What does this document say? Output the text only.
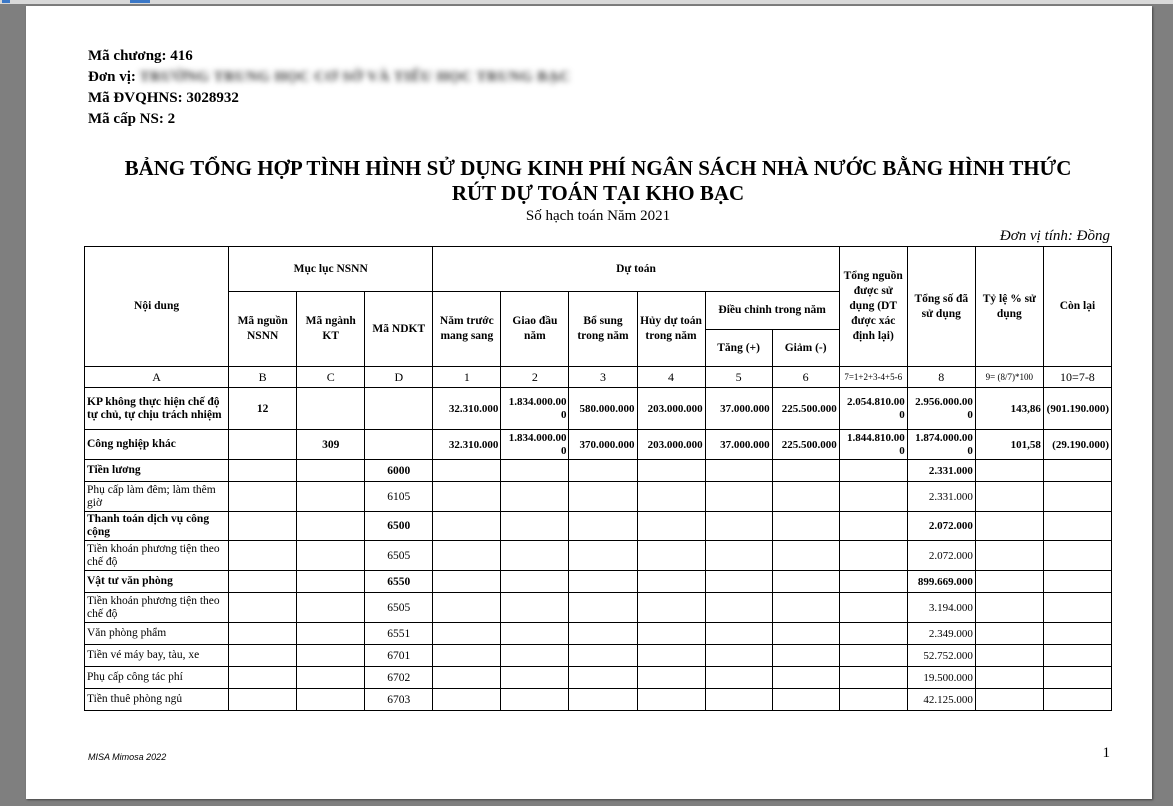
Mã chương: 416
Đơn vị: TRƯỜNG TRUNG HỌC CƠ SỞ VÀ TIỂU HỌC TRUNG BẠC
Mã ĐVQHNS: 3028932
Mã cấp NS: 2
BẢNG TỔNG HỢP TÌNH HÌNH SỬ DỤNG KINH PHÍ NGÂN SÁCH NHÀ NƯỚC BẰNG HÌNH THỨC
RÚT DỰ TOÁN TẠI KHO BẠC
Số hạch toán Năm 2021
Đơn vị tính: Đồng
Nội dung	Mục lục NSNN			Dự toán						Tổng nguồn được sử dụng (DT được xác định lại)	Tổng số đã sử dụng	Tỷ lệ % sử dụng	Còn lại
	Mã nguồn NSNN	Mã ngành KT	Mã NDKT	Năm trước mang sang	Giao đầu năm	Bổ sung trong năm	Hủy dự toán trong năm	Điều chỉnh trong năm					
								Tăng (+)	Giảm (-)				
A	B	C	D	1	2	3	4	5	6	7=1+2+3-4+5-6	8	9= (8/7)*100	10=7-8
KP không thực hiện chế độ tự chủ, tự chịu trách nhiệm	12			32.310.000	1.834.000.000	580.000.000	203.000.000	37.000.000	225.500.000	2.054.810.000	2.956.000.000	143,86	(901.190.000)
Công nghiệp khác		309		32.310.000	1.834.000.000	370.000.000	203.000.000	37.000.000	225.500.000	1.844.810.000	1.874.000.000	101,58	(29.190.000)
Tiền lương			6000								2.331.000		
Phụ cấp làm đêm; làm thêm giờ			6105								2.331.000		
Thanh toán dịch vụ công cộng			6500								2.072.000		
Tiền khoán phương tiện theo chế độ			6505								2.072.000		
Vật tư văn phòng			6550								899.669.000		
Tiền khoán phương tiện theo chế độ			6505								3.194.000		
Văn phòng phẩm			6551								2.349.000		
Tiền vé máy bay, tàu, xe			6701								52.752.000		
Phụ cấp công tác phí			6702								19.500.000		
Tiền thuê phòng ngủ			6703								42.125.000		
MISA Mimosa 2022	1
